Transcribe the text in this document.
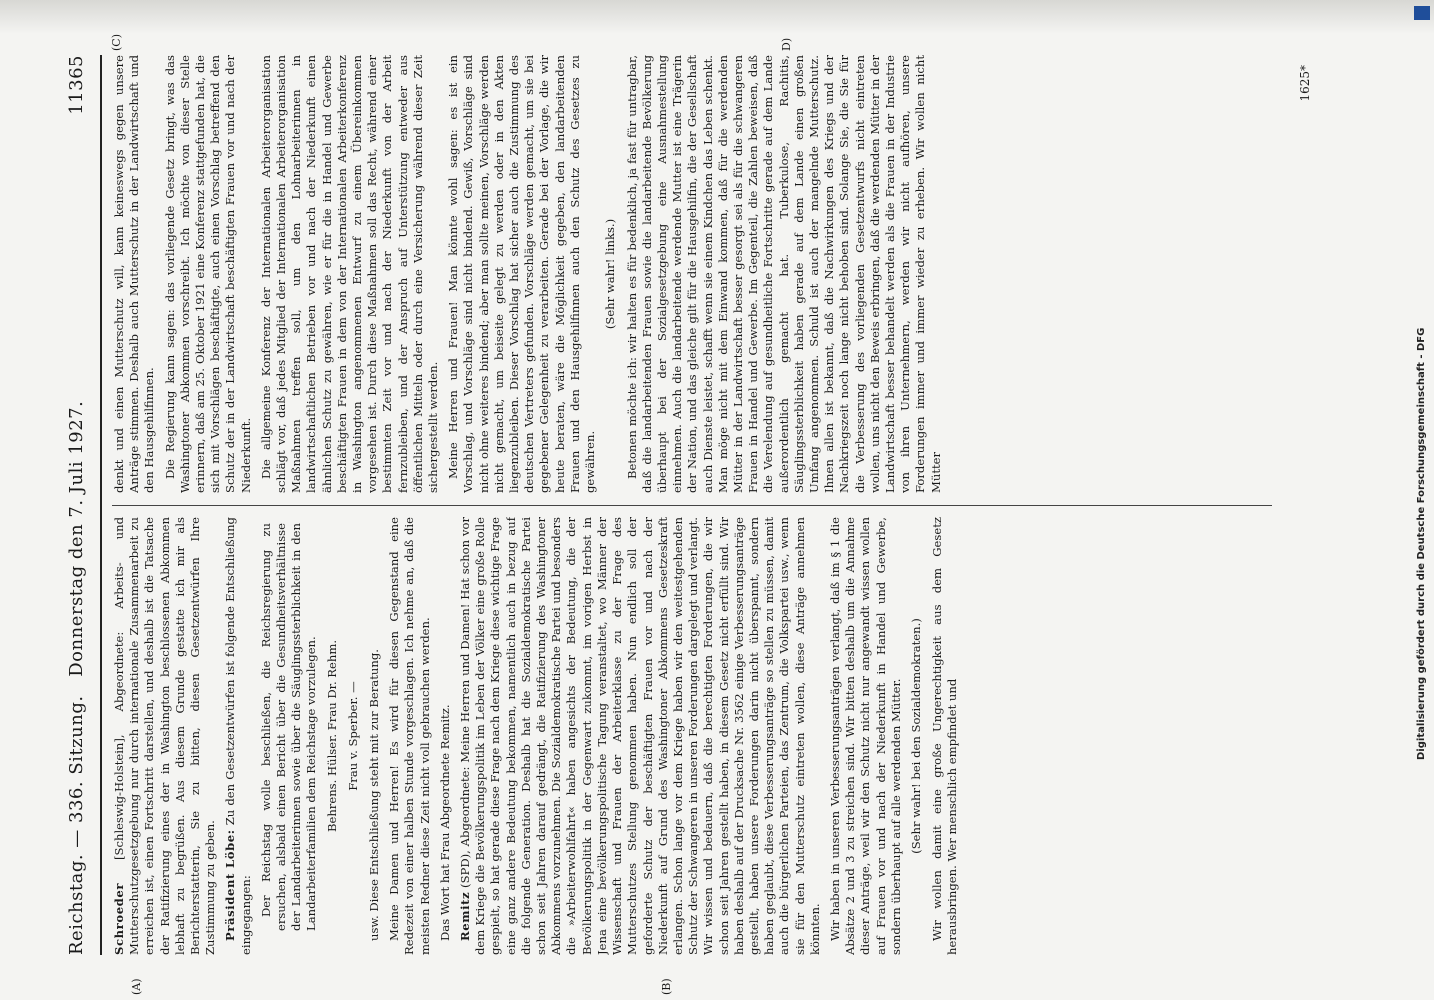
Reichstag. — 336. Sitzung.   Donnerstag den 7. Juli 1927.
11365

Schroeder [Schleswig-Holstein], Abgeordnete: Arbeits- und Mutterschutzgesetzgebung nur durch internationale Zusammenarbeit zu erreichen ist, einen Fortschritt darstellen, und deshalb ist die Tatsache der Ratifizierung eines der in Washington beschlossenen Abkommen lebhaft zu begrüßen. Aus diesem Grunde gestatte ich mir als Berichterstatterin, Sie zu bitten, diesen Gesetzentwürfen Ihre Zustimmung zu geben. Präsident Löbe: Zu den Gesetzentwürfen ist folgende Entschließung eingegangen: Der Reichstag wolle beschließen, die Reichsregierung zu ersuchen, alsbald einen Bericht über die Gesundheitsverhältnisse der Landarbeiterinnen sowie über die Säuglingssterblichkeit in den Landarbeiterfamilien dem Reichstage vorzulegen. Behrens. Hülser. Frau Dr. Rehm. Frau v. Sperber. — usw. Diese Entschließung steht mit zur Beratung. Meine Damen und Herren! Es wird für diesen Gegenstand eine Redezeit von einer halben Stunde vorgeschlagen. Ich nehme an, daß die meisten Redner diese Zeit nicht voll gebrauchen werden. Das Wort hat Frau Abgeordnete Remitz. Remitz (SPD), Abgeordnete: Meine Herren und Damen! Hat schon vor dem Kriege die Bevölkerungspolitik im Leben der Völker eine große Rolle gespielt, so hat gerade diese Frage nach dem Kriege diese wichtige Frage eine ganz andere Bedeutung bekommen, namentlich auch in bezug auf die folgende Generation. Deshalb hat die Sozialdemokratische Partei schon seit Jahren darauf gedrängt, die Ratifizierung des Washingtoner Abkommens vorzunehmen. Die Sozialdemokratische Partei und besonders die »Arbeiterwohlfahrt« haben angesichts der Bedeutung, die der Bevölkerungspolitik in der Gegenwart zukommt, im vorigen Herbst in Jena eine bevölkerungspolitische Tagung veranstaltet, wo Männer der Wissenschaft und Frauen der Arbeiterklasse zu der Frage des Mutterschutzes Stellung genommen haben. Nun endlich soll der geforderte Schutz der beschäftigten Frauen vor und nach der Niederkunft auf Grund des Washingtoner Abkommens Gesetzeskraft erlangen. Schon lange vor dem Kriege haben wir den weitestgehenden Schutz der Schwangeren in unseren Forderungen dargelegt und verlangt. Wir wissen und bedauern, daß die berechtigten Forderungen, die wir schon seit Jahren gestellt haben, in diesem Gesetz nicht erfüllt sind. Wir haben deshalb auf der Drucksache Nr. 3562 einige Verbesserungsanträge gestellt, haben unsere Forderungen darin nicht überspannt, sondern haben geglaubt, diese Verbesserungsanträge so stellen zu müssen, damit auch die bürgerlichen Parteien, das Zentrum, die Volkspartei usw., wenn sie für den Mutterschutz eintreten wollen, diese Anträge annehmen könnten. Wir haben in unseren Verbesserungsanträgen verlangt, daß im § 1 die Absätze 2 und 3 zu streichen sind. Wir bitten deshalb um die Annahme dieser Anträge, weil wir den Schutz nicht nur angewandt wissen wollen auf Frauen vor und nach der Niederkunft in Handel und Gewerbe, sondern überhaupt auf alle werdenden Mütter. (Sehr wahr! bei den Sozialdemokraten.) Wir wollen damit eine große Ungerechtigkeit aus dem Gesetz herausbringen. Wer menschlich empfindet und

denkt und einen Mutterschutz will, kann keineswegs gegen unsere Anträge stimmen. Deshalb auch Mutterschutz in der Landwirtschaft und den Hausgehilfinnen. Die Regierung kann sagen: das vorliegende Gesetz bringt, was das Washingtoner Abkommen vorschreibt. Ich möchte von dieser Stelle erinnern, daß am 25. Oktober 1921 eine Konferenz stattgefunden hat, die sich mit Vorschlägen beschäftigte, auch einen Vorschlag betreffend den Schutz der in der Landwirtschaft beschäftigten Frauen vor und nach der Niederkunft. Die allgemeine Konferenz der Internationalen Arbeiterorganisation schlägt vor, daß jedes Mitglied der Internationalen Arbeiterorganisation Maßnahmen treffen soll, um den Lohnarbeiterinnen in landwirtschaftlichen Betrieben vor und nach der Niederkunft einen ähnlichen Schutz zu gewähren, wie er für die in Handel und Gewerbe beschäftigten Frauen in dem von der Internationalen Arbeiterkonferenz in Washington angenommenen Entwurf zu einem Übereinkommen vorgesehen ist. Durch diese Maßnahmen soll das Recht, während einer bestimmten Zeit vor und nach der Niederkunft von der Arbeit fernzubleiben, und der Anspruch auf Unterstützung entweder aus öffentlichen Mitteln oder durch eine Versicherung während dieser Zeit sichergestellt werden. Meine Herren und Frauen! Man könnte wohl sagen: es ist ein Vorschlag, und Vorschläge sind nicht bindend. Gewiß, Vorschläge sind nicht ohne weiteres bindend; aber man sollte meinen, Vorschläge werden nicht gemacht, um beiseite gelegt zu werden oder in den Akten liegenzubleiben. Dieser Vorschlag hat sicher auch die Zustimmung des deutschen Vertreters gefunden. Vorschläge werden gemacht, um sie bei gegebener Gelegenheit zu verarbeiten. Gerade bei der Vorlage, die wir heute beraten, wäre die Möglichkeit gegeben, den landarbeitenden Frauen und den Hausgehilfinnen auch den Schutz des Gesetzes zu gewähren.

(Sehr wahr! links.) Betonen möchte ich: wir halten es für bedenklich, ja fast für untragbar, daß die landarbeitenden Frauen sowie die landarbeitende Bevölkerung überhaupt bei der Sozialgesetzgebung eine Ausnahmestellung einnehmen. Auch die landarbeitende werdende Mutter ist eine Trägerin der Nation, und das gleiche gilt für die Hausgehilfin, die der Gesellschaft auch Dienste leistet, schafft wenn sie einem Kindchen das Leben schenkt. Man möge nicht mit dem Einwand kommen, daß für die werdenden Mütter in der Landwirtschaft besser gesorgt sei als für die schwangeren Frauen in Handel und Gewerbe. Im Gegenteil, die Zahlen beweisen, daß die Verelendung auf gesundheitliche Fortschritte gerade auf dem Lande außerordentlich gemacht hat. Tuberkulose, Rachitis, Säuglingssterblichkeit haben gerade auf dem Lande einen großen Umfang angenommen. Schuld ist auch der mangelnde Mutterschutz. Ihnen allen ist bekannt, daß die Nachwirkungen des Kriegs und der Nachkriegszeit noch lange nicht behoben sind. Solange Sie, die Sie für die Verbesserung des vorliegenden Gesetzentwurfs nicht eintreten wollen, uns nicht den Beweis erbringen, daß die werdenden Mütter in der Landwirtschaft besser behandelt werden als die Frauen in der Industrie von ihren Unternehmern, werden wir nicht aufhören, unsere Forderungen immer und immer wieder zu erheben. Wir wollen nicht Mütter

(A)	(B)
(C)	D)
1625*
Digitalisierung gefördert durch die Deutsche Forschungsgemeinschaft - DFG
